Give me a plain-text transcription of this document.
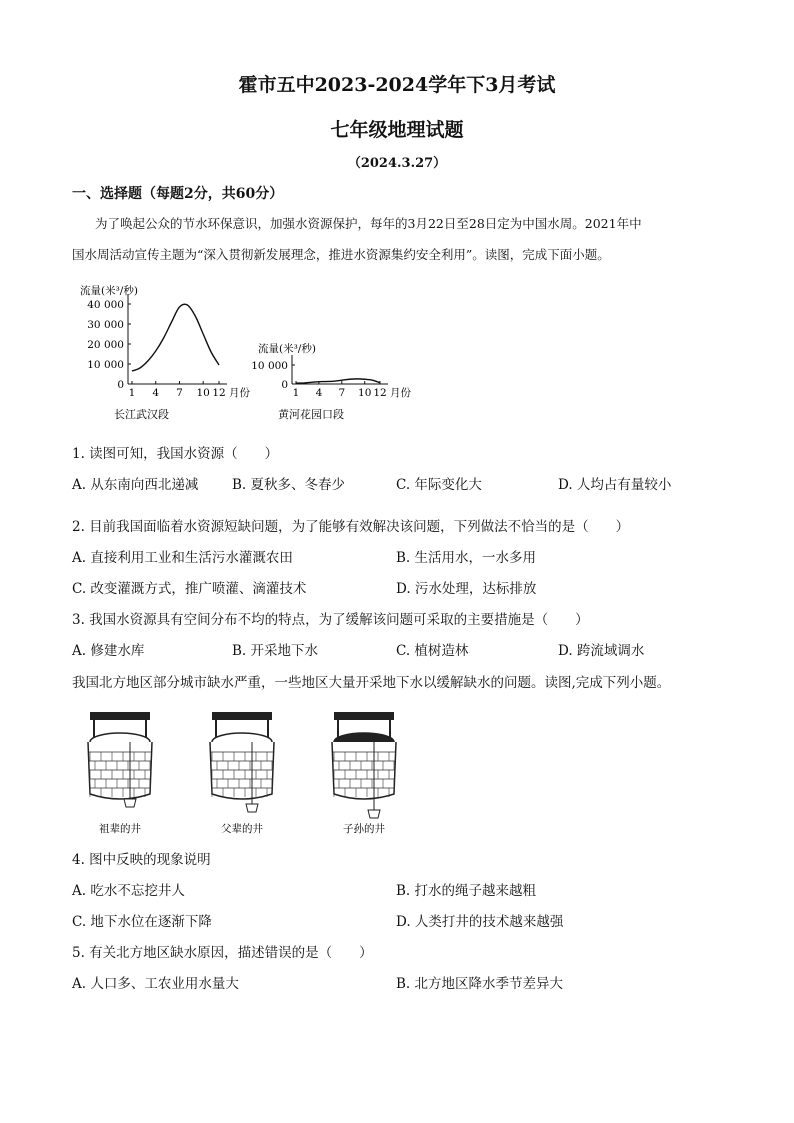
霍市五中2023-2024学年下3月考试
七年级地理试题
（2024.3.27）
一、选择题（每题2分，共60分）
为了唤起公众的节水环保意识，加强水资源保护，每年的3月22日至28日定为中国水周。2021年中
国水周活动宣传主题为“深入贯彻新发展理念，推进水资源集约安全利用”。读图，完成下面小题。
流量(米³/秒)
40 000
30 000
20 000
10 000
0
1 4 7 10 12 月份
长江武汉段
流量(米³/秒)
10 000
0
1 4 7 10 12 月份
黄河花园口段
1. 读图可知，我国水资源（　　）
A. 从东南向西北递减 B. 夏秋多、冬春少	C. 年际变化大	D. 人均占有量较小
2. 目前我国面临着水资源短缺问题，为了能够有效解决该问题，下列做法不恰当的是（　　）
A. 直接利用工业和生活污水灌溉农田	B. 生活用水，一水多用
C. 改变灌溉方式，推广喷灌、滴灌技术	D. 污水处理，达标排放
3. 我国水资源具有空间分布不均的特点，为了缓解该问题可采取的主要措施是（　　）
A. 修建水库	B. 开采地下水	C. 植树造林	D. 跨流域调水
我国北方地区部分城市缺水严重，一些地区大量开采地下水以缓解缺水的问题。读图,完成下列小题。
祖辈的井	父辈的井	子孙的井
4. 图中反映的现象说明
A. 吃水不忘挖井人	B. 打水的绳子越来越粗
C. 地下水位在逐渐下降	D. 人类打井的技术越来越强
5. 有关北方地区缺水原因，描述错误的是（　　）
A. 人口多、工农业用水量大	B. 北方地区降水季节差异大
